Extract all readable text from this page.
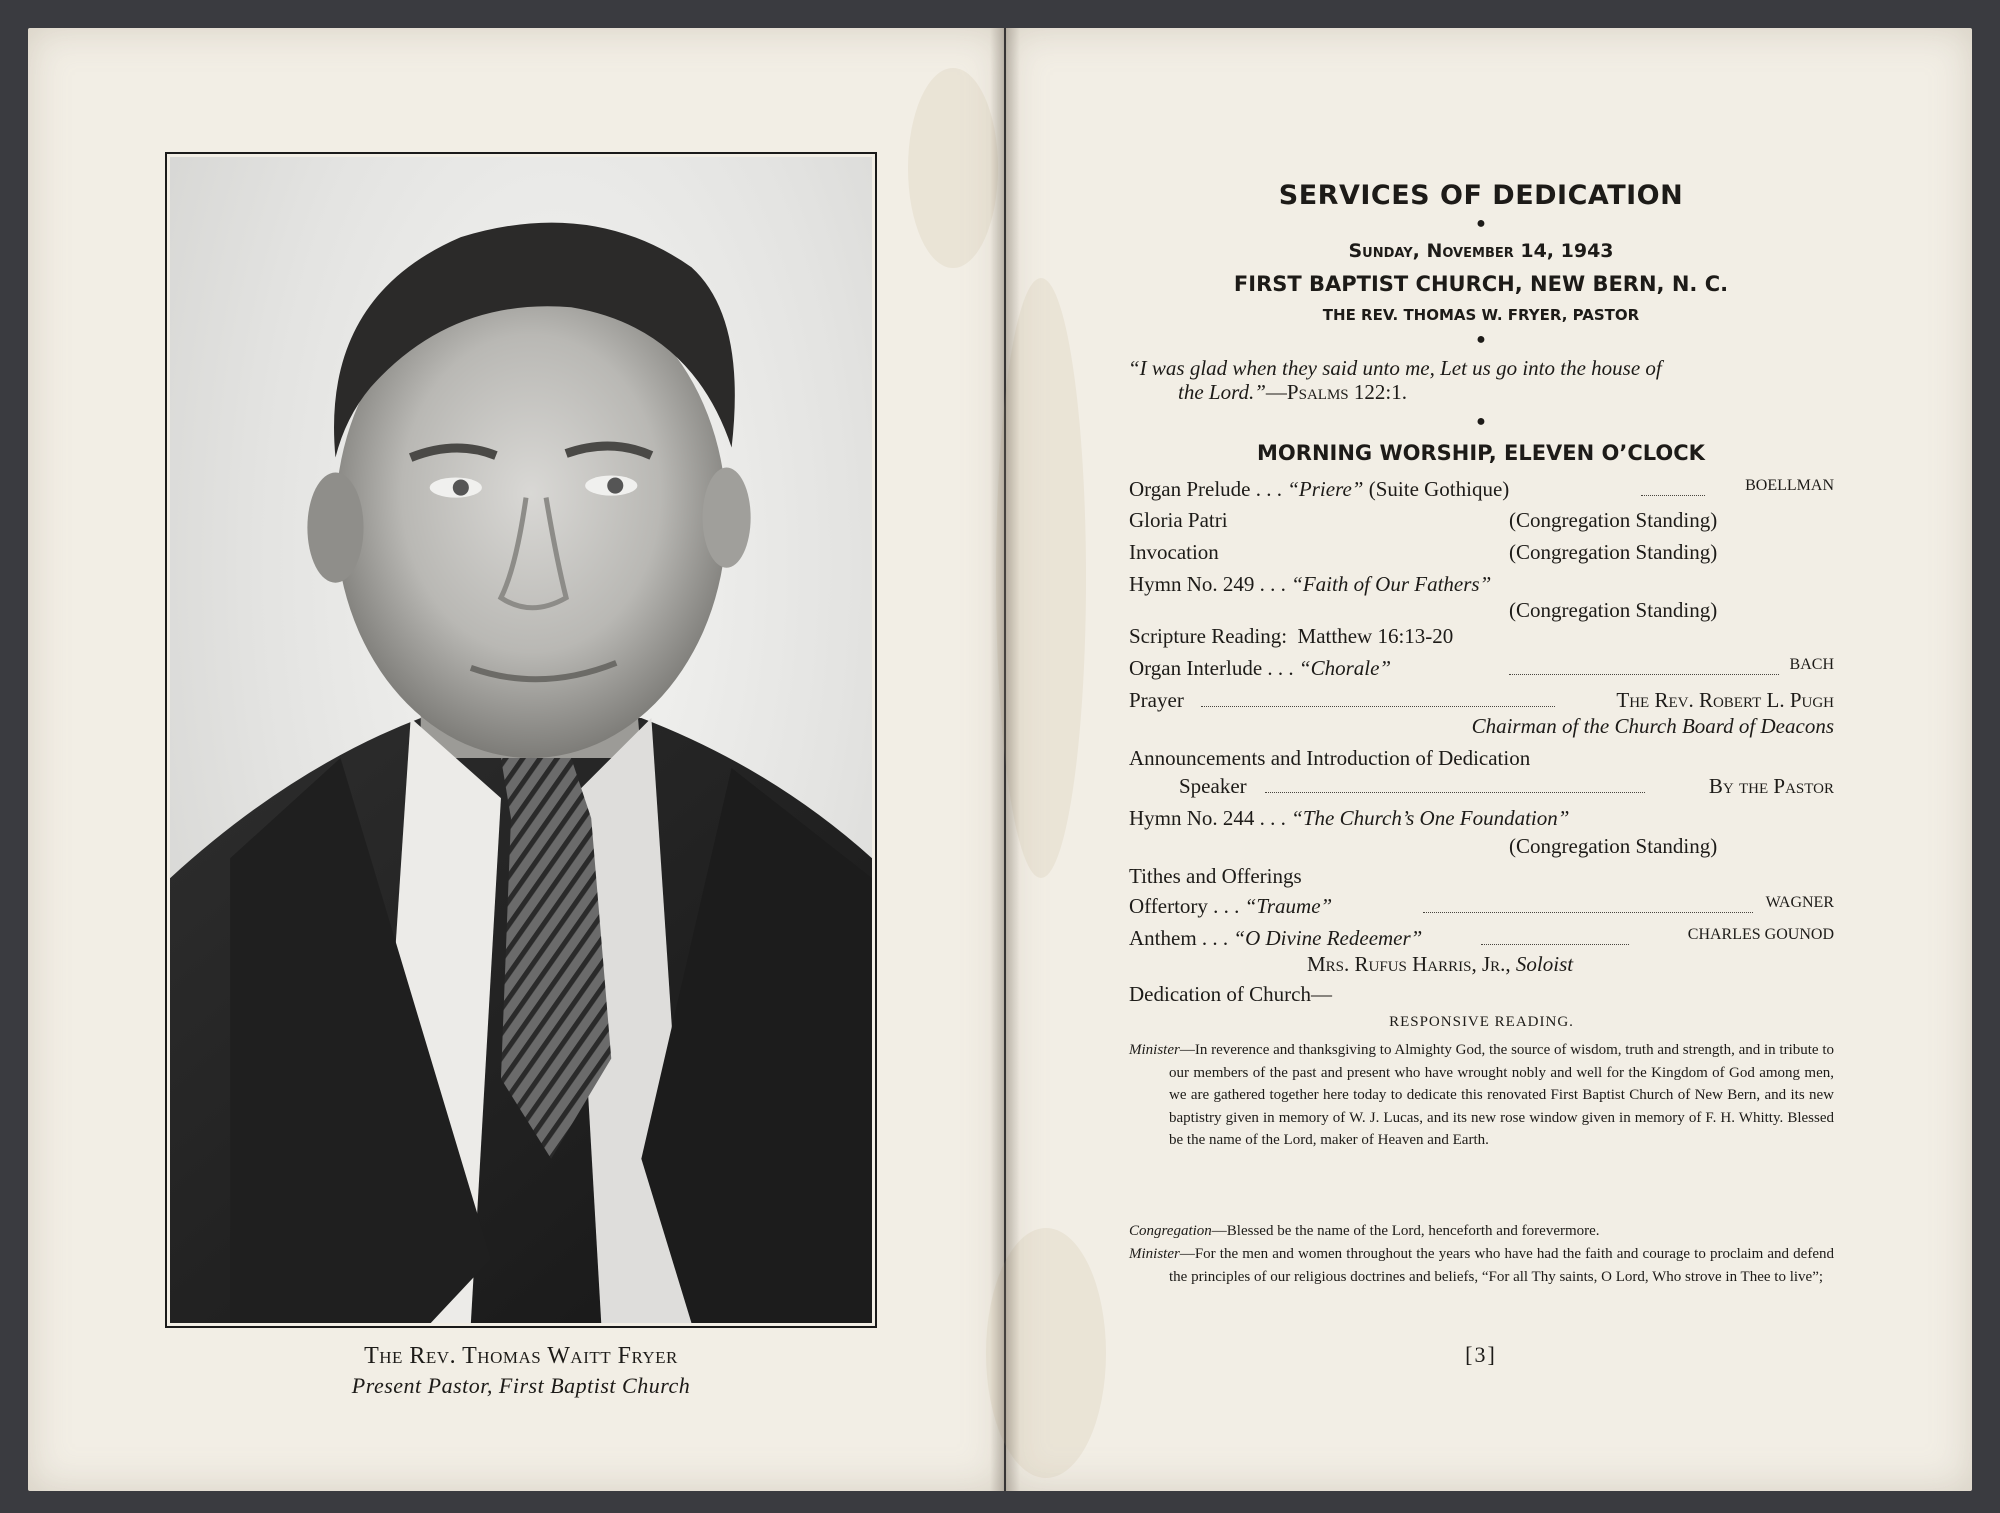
The Rev. Thomas Waitt Fryer
Present Pastor, First Baptist Church
SERVICES OF DEDICATION
●
Sunday, November 14, 1943
FIRST BAPTIST CHURCH, NEW BERN, N. C.
THE REV. THOMAS W. FRYER, PASTOR
●
“I was glad when they said unto me, Let us go into the house of
the Lord.”—Psalms 122:1.
●
MORNING WORSHIP, ELEVEN O’CLOCK
Organ Prelude . . . “Priere” (Suite Gothique)	BOELLMAN
Gloria Patri	(Congregation Standing)
Invocation	(Congregation Standing)
Hymn No. 249 . . . “Faith of Our Fathers”
(Congregation Standing)
Scripture Reading: Matthew 16:13-20
Organ Interlude . . . “Chorale”	BACH
Prayer	The Rev. Robert L. Pugh
Chairman of the Church Board of Deacons
Announcements and Introduction of Dedication
Speaker	By the Pastor
Hymn No. 244 . . . “The Church’s One Foundation”
(Congregation Standing)
Tithes and Offerings
Offertory . . . “Traume”	WAGNER
Anthem . . . “O Divine Redeemer”	CHARLES GOUNOD
Mrs. Rufus Harris, Jr., Soloist
Dedication of Church—
RESPONSIVE READING.
Minister—In reverence and thanksgiving to Almighty God, the source of wisdom, truth and strength, and in tribute to our members of the past and present who have wrought nobly and well for the Kingdom of God among men, we are gathered together here today to dedicate this renovated First Baptist Church of New Bern, and its new baptistry given in memory of W. J. Lucas, and its new rose window given in memory of F. H. Whitty. Blessed be the name of the Lord, maker of Heaven and Earth.
Congregation—Blessed be the name of the Lord, henceforth and forevermore.
Minister—For the men and women throughout the years who have had the faith and courage to proclaim and defend the principles of our religious doctrines and beliefs, “For all Thy saints, O Lord, Who strove in Thee to live”;
[3]
